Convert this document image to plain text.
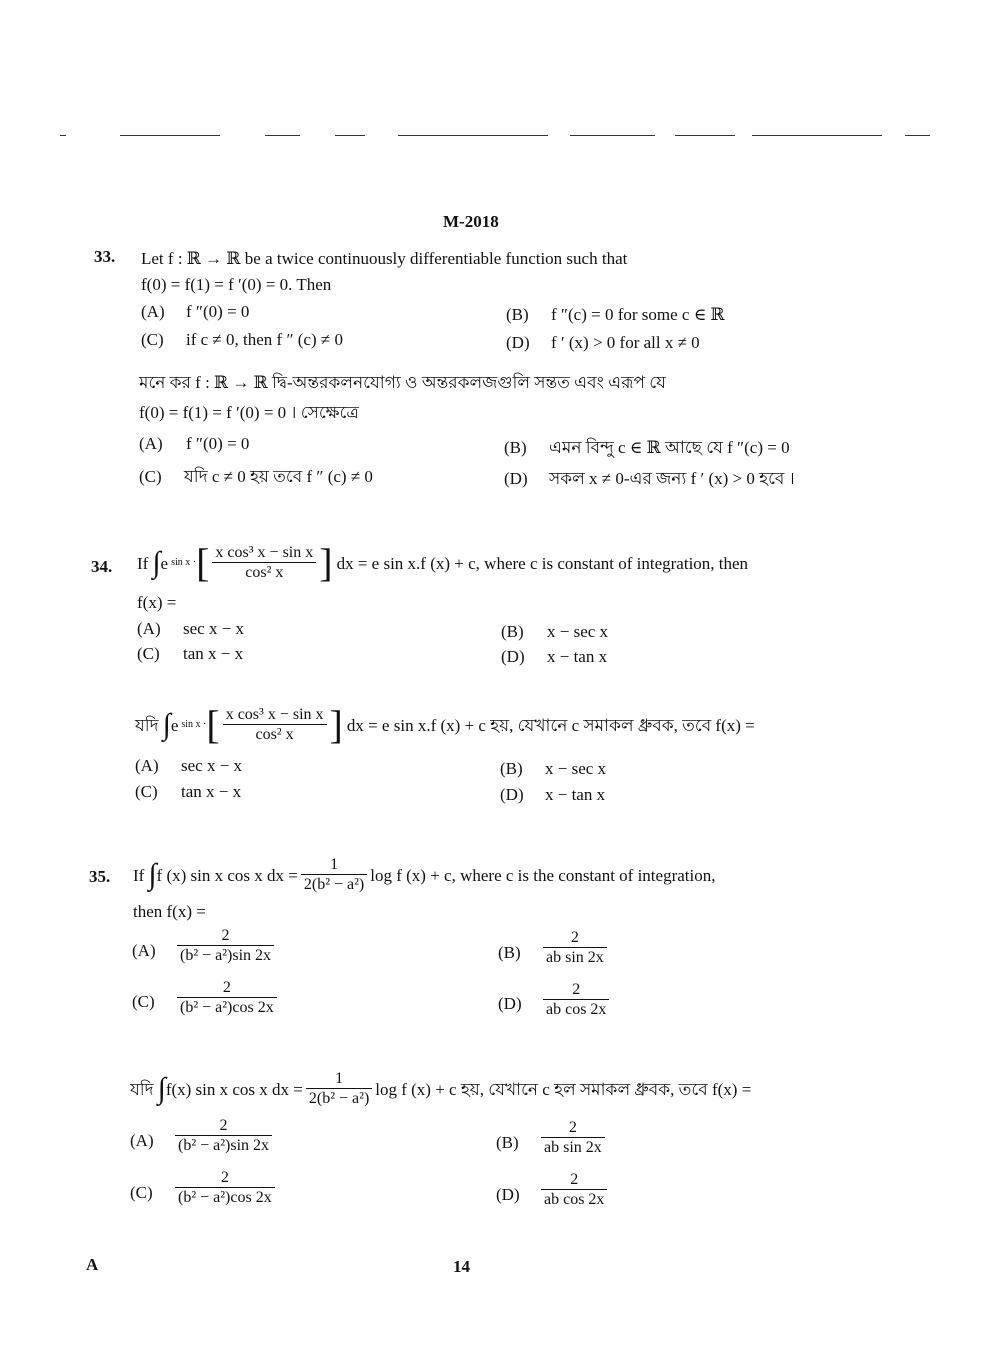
M-2018
33. Let f : ℝ → ℝ be a twice continuously differentiable function such that
f(0) = f(1) = f ′(0) = 0. Then
(A) f ″(0) = 0	(B) f ″(c) = 0 for some c ∈ ℝ
(C) if c ≠ 0, then f ″ (c) ≠ 0	(D) f ′ (x) > 0 for all x ≠ 0
মনে কর f : ℝ → ℝ দ্বি-অন্তরকলনযোগ্য ও অন্তরকলজগুলি সন্তত এবং এরূপ যে
f(0) = f(1) = f ′(0) = 0 । সেক্ষেত্রে
(A) f ″(0) = 0	(B) এমন বিন্দু c ∈ ℝ আছে যে f ″(c) = 0
(C) যদি c ≠ 0 হয় তবে f ″ (c) ≠ 0	(D) সকল x ≠ 0-এর জন্য f ′ (x) > 0 হবে ।
34. If ∫ e sin x · [ $\frac{\text{x cos³ x − sin x}}{\text{cos² x}}$ ] dx = e sin x.f (x) + c, where c is constant of integration, then
f(x) =
(A) sec x − x	(B) x − sec x
(C) tan x − x	(D) x − tan x
যদি ∫ e sin x · [ $\frac{\text{x cos³ x − sin x}}{\text{cos² x}}$ ] dx = e sin x.f (x) + c হয়, যেখানে c সমাকল ধ্রুবক, তবে f(x) =
(A) sec x − x	(B) x − sec x
(C) tan x − x	(D) x − tan x
35. If ∫ f (x) sin x cos x dx = $\frac{1}{\text{2(b² − a²)}}$ log f (x) + c, where c is the constant of integration,
then f(x) =
$(A) \frac{2}{\text{(b² − a²)sin 2x}}$	$(B) \frac{2}{\text{ab sin 2x}}$
$(C) \frac{2}{\text{(b² − a²)cos 2x}}$	$(D) \frac{2}{\text{ab cos 2x}}$
যদি ∫ f(x) sin x cos x dx = $\frac{1}{\text{2(b² − a²)}}$ log f (x) + c হয়, যেখানে c হল সমাকল ধ্রুবক, তবে f(x) =
$(A) \frac{2}{\text{(b² − a²)sin 2x}}$	$(B) \frac{2}{\text{ab sin 2x}}$
$(C) \frac{2}{\text{(b² − a²)cos 2x}}$	$(D) \frac{2}{\text{ab cos 2x}}$
A	14
